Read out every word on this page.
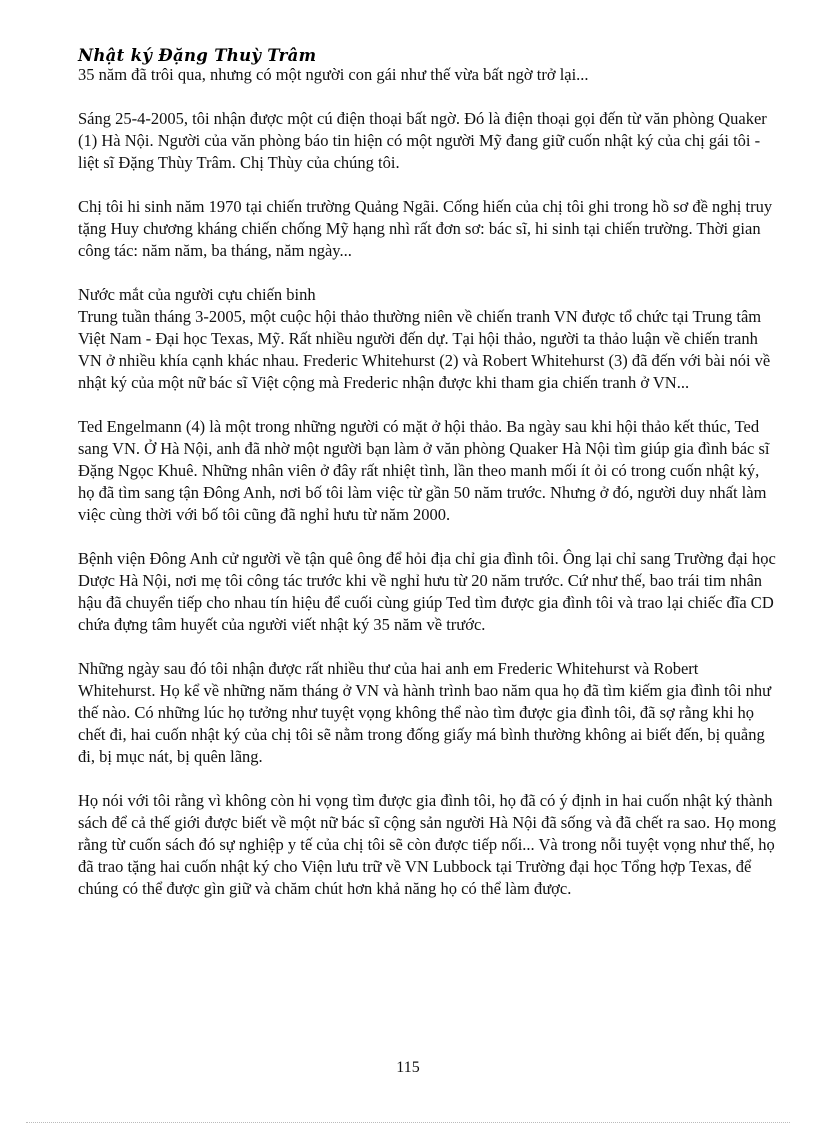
Nhật ký Đặng Thuỳ Trâm

35 năm đã trôi qua, nhưng có một người con gái như thế vừa bất ngờ trở lại...

Sáng 25-4-2005, tôi nhận được một cú điện thoại bất ngờ. Đó là điện thoại gọi đến từ văn phòng Quaker (1) Hà Nội. Người của văn phòng báo tin hiện có một người Mỹ đang giữ cuốn nhật ký của chị gái tôi - liệt sĩ Đặng Thùy Trâm. Chị Thùy của chúng tôi.

Chị tôi hi sinh năm 1970 tại chiến trường Quảng Ngãi. Cống hiến của chị tôi ghi trong hồ sơ đề nghị truy tặng Huy chương kháng chiến chống Mỹ hạng nhì rất đơn sơ: bác sĩ, hi sinh tại chiến trường. Thời gian công tác: năm năm, ba tháng, năm ngày...

Nước mắt của người cựu chiến binh

Trung tuần tháng 3-2005, một cuộc hội thảo thường niên về chiến tranh VN được tổ chức tại Trung tâm Việt Nam - Đại học Texas, Mỹ. Rất nhiều người đến dự. Tại hội thảo, người ta thảo luận về chiến tranh VN ở nhiều khía cạnh khác nhau. Frederic Whitehurst (2) và Robert Whitehurst (3) đã đến với bài nói về nhật ký của một nữ bác sĩ Việt cộng mà Frederic nhận được khi tham gia chiến tranh ở VN...

Ted Engelmann (4) là một trong những người có mặt ở hội thảo. Ba ngày sau khi hội thảo kết thúc, Ted sang VN. Ở Hà Nội, anh đã nhờ một người bạn làm ở văn phòng Quaker Hà Nội tìm giúp gia đình bác sĩ Đặng Ngọc Khuê. Những nhân viên ở đây rất nhiệt tình, lần theo manh mối ít ỏi có trong cuốn nhật ký, họ đã tìm sang tận Đông Anh, nơi bố tôi làm việc từ gần 50 năm trước. Nhưng ở đó, người duy nhất làm việc cùng thời với bố tôi cũng đã nghỉ hưu từ năm 2000.

Bệnh viện Đông Anh cử người về tận quê ông để hỏi địa chỉ gia đình tôi. Ông lại chỉ sang Trường đại học Dược Hà Nội, nơi mẹ tôi công tác trước khi về nghỉ hưu từ 20 năm trước. Cứ như thế, bao trái tim nhân hậu đã chuyển tiếp cho nhau tín hiệu để cuối cùng giúp Ted tìm được gia đình tôi và trao lại chiếc đĩa CD chứa đựng tâm huyết của người viết nhật ký 35 năm về trước.

Những ngày sau đó tôi nhận được rất nhiều thư của hai anh em Frederic Whitehurst và Robert Whitehurst. Họ kể về những năm tháng ở VN và hành trình bao năm qua họ đã tìm kiếm gia đình tôi như thế nào. Có những lúc họ tưởng như tuyệt vọng không thể nào tìm được gia đình tôi, đã sợ rằng khi họ chết đi, hai cuốn nhật ký của chị tôi sẽ nằm trong đống giấy má bình thường không ai biết đến, bị quẳng đi, bị mục nát, bị quên lãng.

Họ nói với tôi rằng vì không còn hi vọng tìm được gia đình tôi, họ đã có ý định in hai cuốn nhật ký thành sách để cả thế giới được biết về một nữ bác sĩ cộng sản người Hà Nội đã sống và đã chết ra sao. Họ mong rằng từ cuốn sách đó sự nghiệp y tế của chị tôi sẽ còn được tiếp nối... Và trong nỗi tuyệt vọng như thế, họ đã trao tặng hai cuốn nhật ký cho Viện lưu trữ về VN Lubbock tại Trường đại học Tổng hợp Texas, để chúng có thể được gìn giữ và chăm chút hơn khả năng họ có thể làm được.

115
